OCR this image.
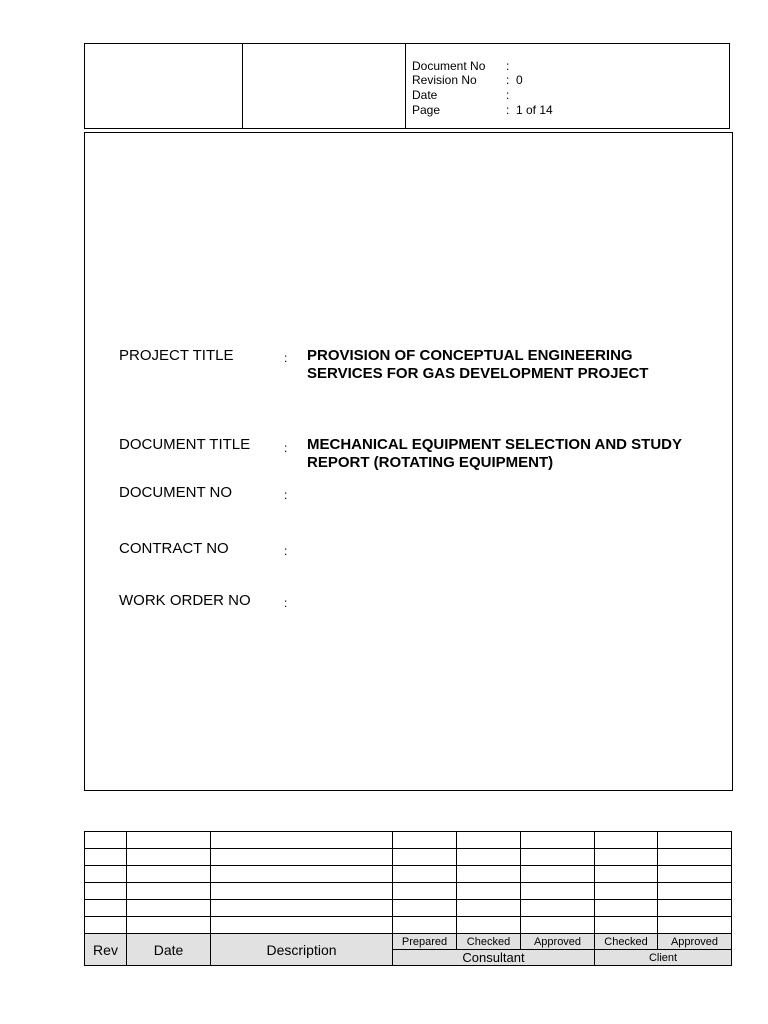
Document No :
Revision No : 0
Date	:
Page	: 1 of 14
PROJECT TITLE	: PROVISION OF CONCEPTUAL ENGINEERING
SERVICES FOR GAS DEVELOPMENT PROJECT
DOCUMENT TITLE	: MECHANICAL EQUIPMENT SELECTION AND STUDY
REPORT (ROTATING EQUIPMENT)
DOCUMENT NO	:
CONTRACT NO	:
WORK ORDER NO	:

Rev	Date	Description	Prepared	Checked	Approved	Checked	Approved
			Consultant			Client	
